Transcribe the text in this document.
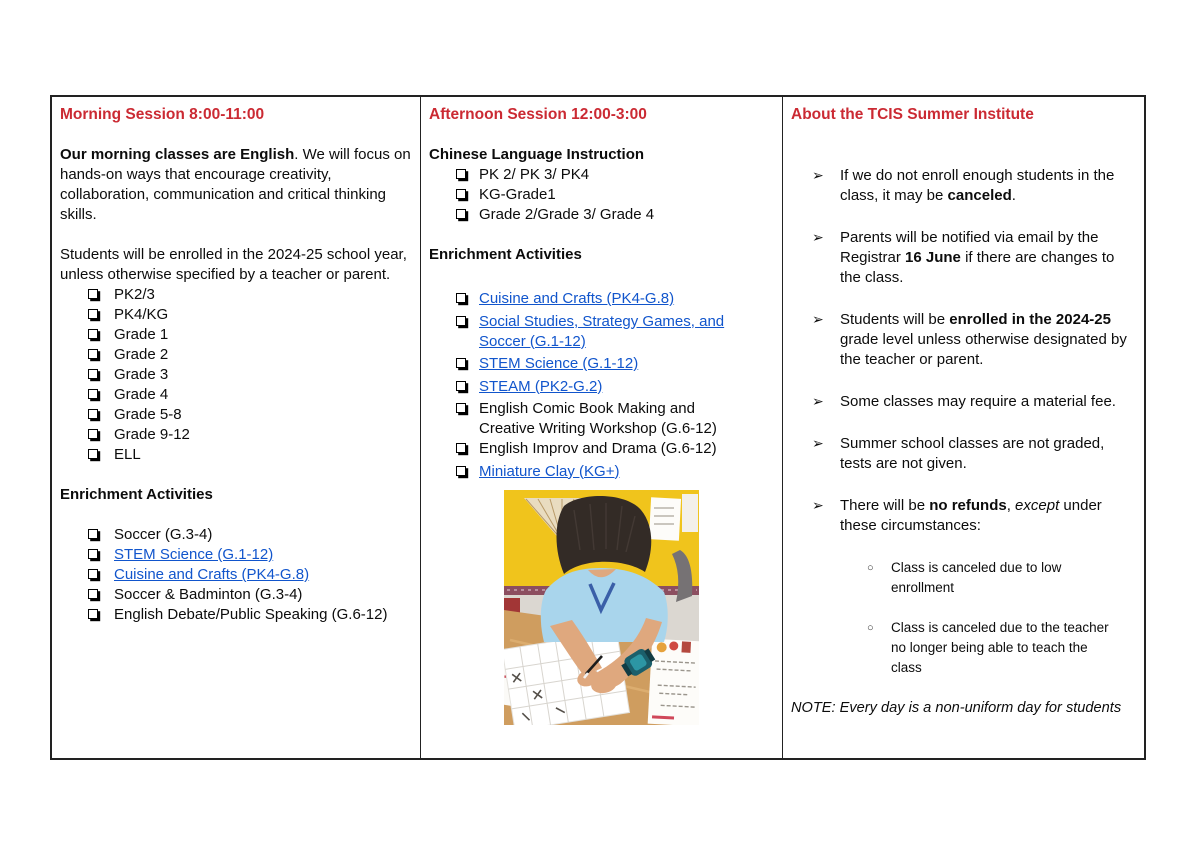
Morning Session 8:00-11:00

Our morning classes are English. We will focus on hands-on ways that encourage creativity, collaboration, communication and critical thinking skills.

Students will be enrolled in the 2024-25 school year, unless otherwise specified by a teacher or parent.

PK2/3
PK4/KG
Grade 1
Grade 2
Grade 3
Grade 4
Grade 5-8
Grade 9-12
ELL

Enrichment Activities

Soccer (G.3-4)
STEM Science (G.1-12)
Cuisine and Crafts (PK4-G.8)
Soccer & Badminton (G.3-4)
English Debate/Public Speaking (G.6-12)

Afternoon Session 12:00-3:00

Chinese Language Instruction

PK 2/ PK 3/ PK4
KG-Grade1
Grade 2/Grade 3/ Grade 4

Enrichment Activities

Cuisine and Crafts (PK4-G.8)
Social Studies, Strategy Games, and Soccer (G.1-12)
STEM Science (G.1-12)
STEAM (PK2-G.2)
English Comic Book Making and Creative Writing Workshop (G.6-12)
English Improv and Drama (G.6-12)
Miniature Clay (KG+)

About the TCIS Summer Institute

➢ If we do not enroll enough students in the class, it may be canceled.
➢ Parents will be notified via email by the Registrar 16 June if there are changes to the class.
➢ Students will be enrolled in the 2024-25 grade level unless otherwise designated by the teacher or parent.
➢ Some classes may require a material fee.
➢ Summer school classes are not graded, tests are not given.
➢ There will be no refunds, except under these circumstances:
○ Class is canceled due to low enrollment
○ Class is canceled due to the teacher no longer being able to teach the class

NOTE: Every day is a non-uniform day for students
